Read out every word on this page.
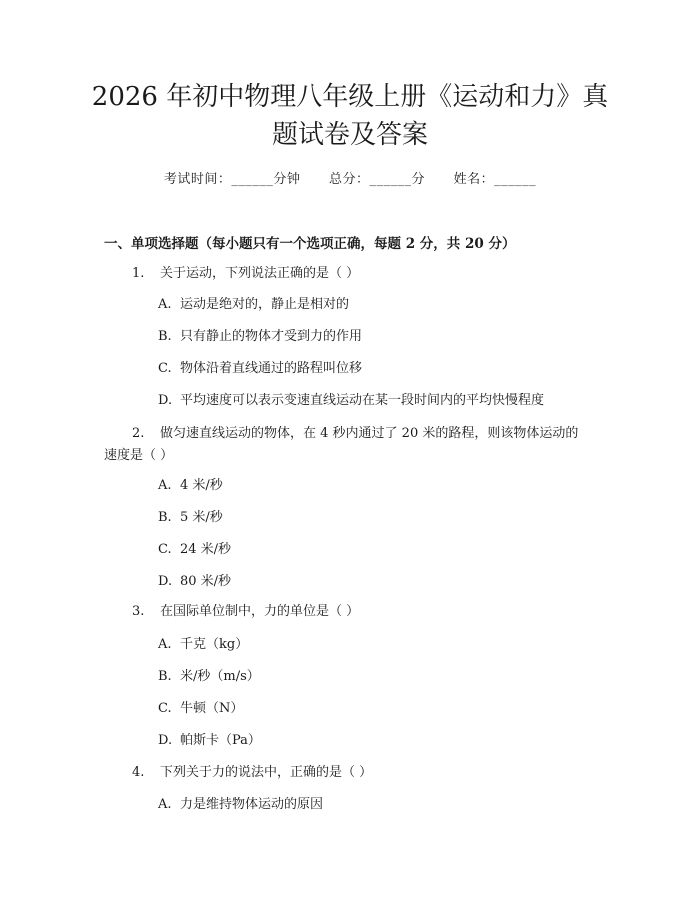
2026 年初中物理八年级上册《运动和力》真
题试卷及答案
考试时间：______分钟 总分：______分 姓名：______
一、单项选择题（每小题只有一个选项正确，每题 2 分，共 20 分）
1. 关于运动，下列说法正确的是（ ）
A. 运动是绝对的，静止是相对的
B. 只有静止的物体才受到力的作用
C. 物体沿着直线通过的路程叫位移
D. 平均速度可以表示变速直线运动在某一段时间内的平均快慢程度
2. 做匀速直线运动的物体，在 4 秒内通过了 20 米的路程，则该物体运动的
速度是（ ）
A. 4 米/秒
B. 5 米/秒
C. 24 米/秒
D. 80 米/秒
3. 在国际单位制中，力的单位是（ ）
A. 千克（kg）
B. 米/秒（m/s）
C. 牛顿（N）
D. 帕斯卡（Pa）
4. 下列关于力的说法中，正确的是（ ）
A. 力是维持物体运动的原因
